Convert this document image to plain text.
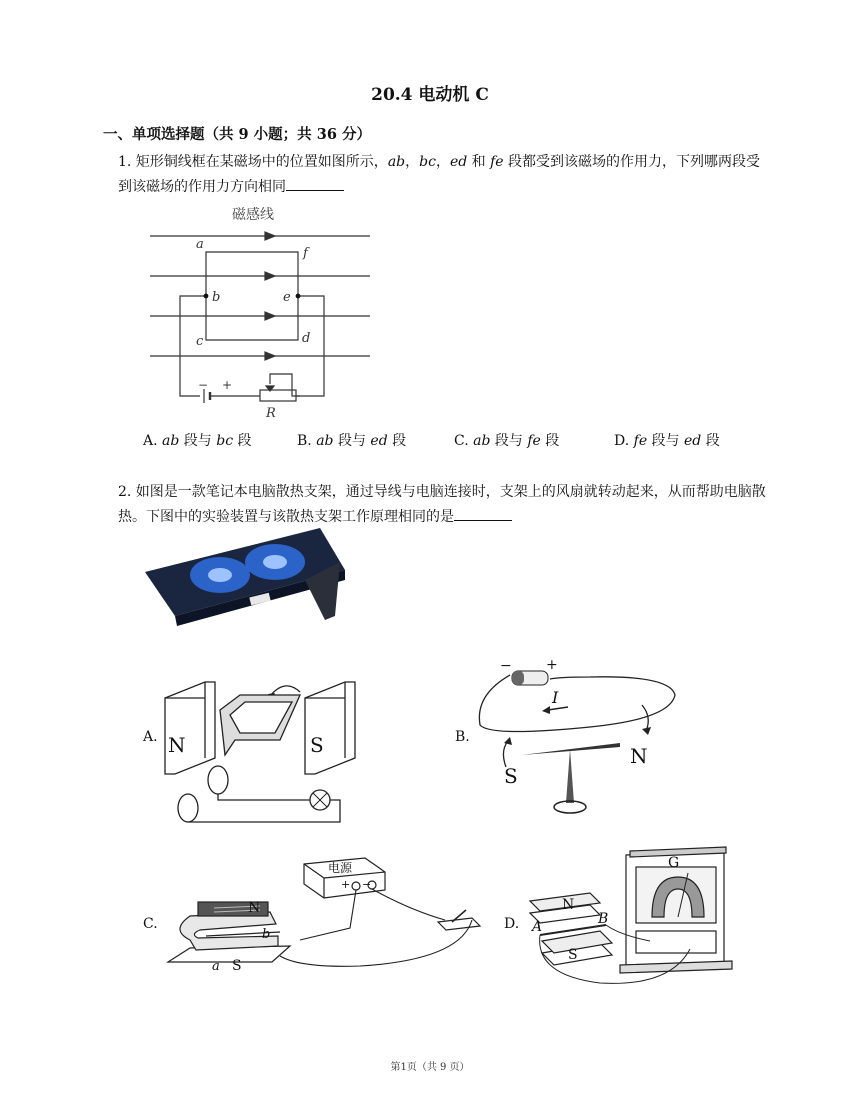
20.4 电动机 C
一、单项选择题（共 9 小题；共 36 分）
1. 矩形铜线框在某磁场中的位置如图所示，ab，bc，ed 和 fe 段都受到该磁场的作用力，下列哪两段受到该磁场的作用力方向相同
磁感线
a
f
b	e
c	d
R
− +
A. ab 段与 bc 段	B. ab 段与 ed 段	C. ab 段与 fe 段	D. fe 段与 ed 段
2. 如图是一款笔记本电脑散热支架，通过导线与电脑连接时，支架上的风扇就转动起来，从而帮助电脑散热。下图中的实验装置与该散热支架工作原理相同的是
A. N	S	B.
− +
I
N
S
C.
电源
+ −
N
S
b
a
D.
G
N
S
A	B
第1页（共 9 页）
